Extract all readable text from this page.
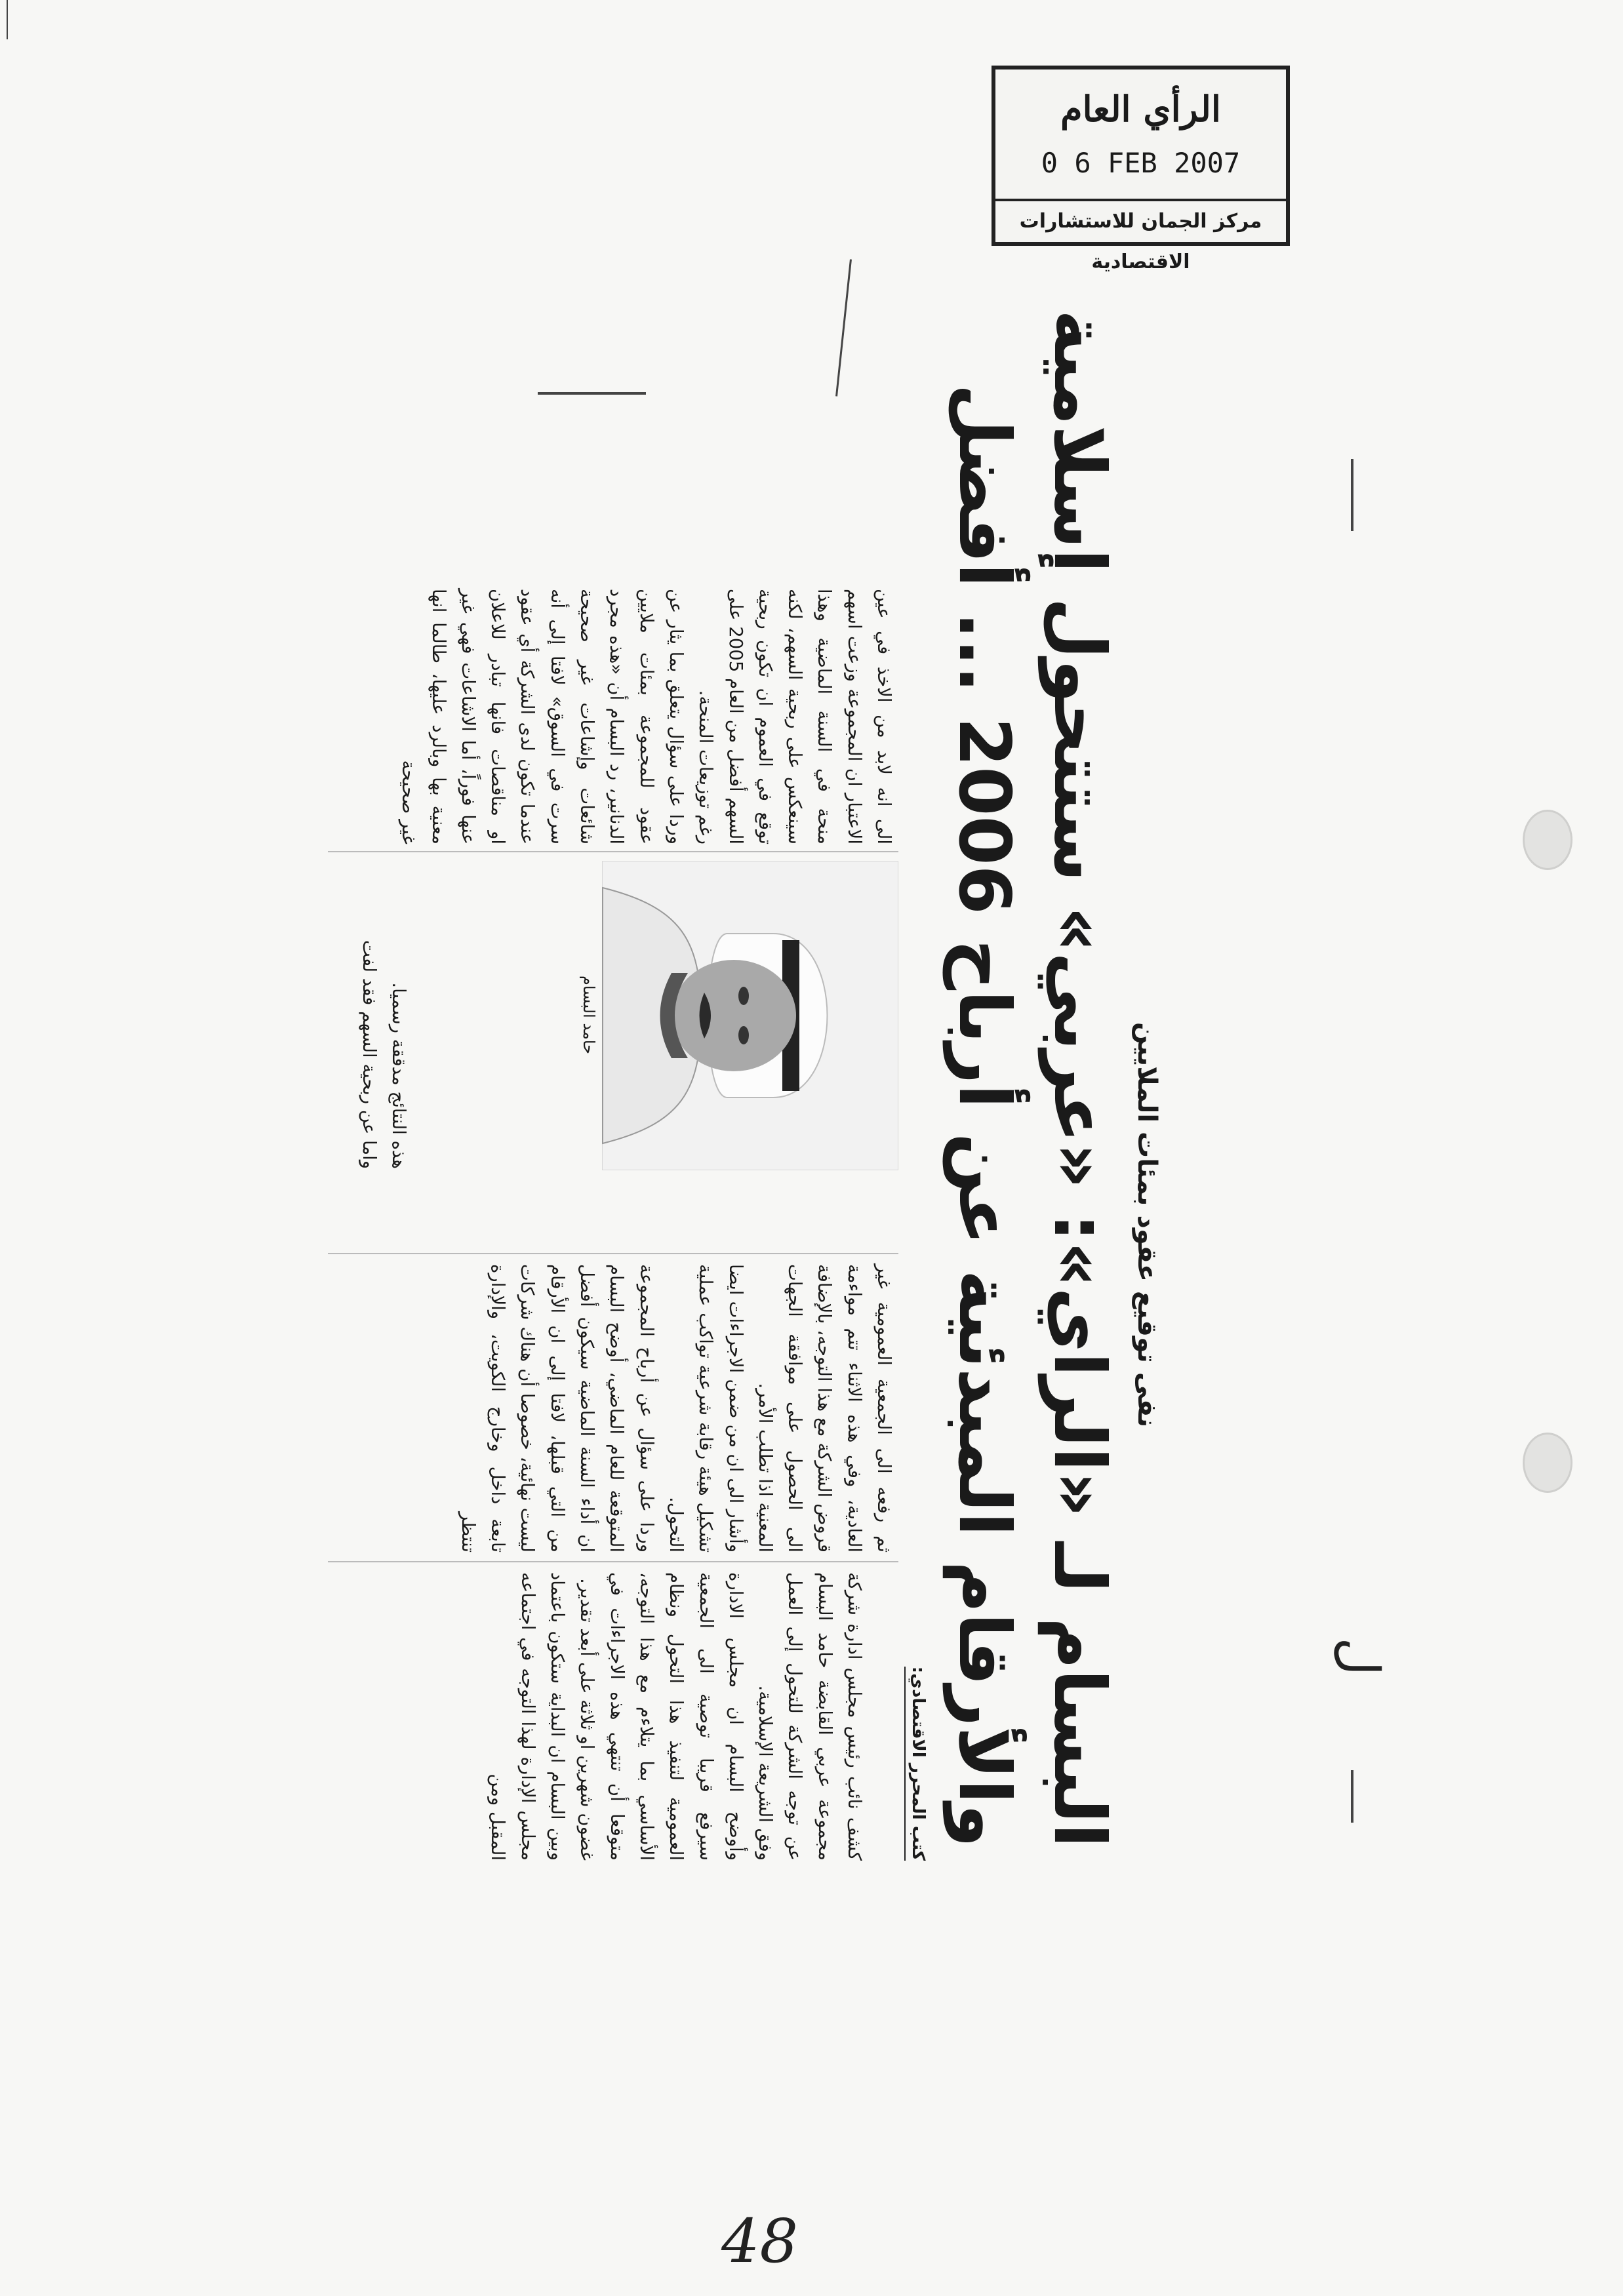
الرأي العام
0 6 FEB 2007
مركز الجمان للاستشارات الاقتصادية
نفى توقيع عقود بمئات الملايين
البسام لـ «الراي»: «عربي» ستتحول إسلامية
والأرقام المبدئية عن أرباح 2006 ... أفضل
كتب المحرر الاقتصادي:

كشف نائب رئيس مجلس ادارة شركة مجموعة عربي القابضة حامد البسام عن توجه الشركة للتحول إلى العمل وفق الشريعة الإسلامية.

وأوضح البسام ان مجلس الادارة سيرفع قريبا توصية الى الجمعية العمومية لتنفيذ هذا التحول ونظام الأساسي بما يتلاءم مع هذا التوجه، متوقعا أن تنتهي هذه الاجراءات في غضون شهرين او ثلاثة على أبعد تقدير.

وبين البسام ان البداية ستكون باعتماد مجلس الإدارة لهذا التوجه في اجتماعه المقبل ومن

ثم رفعه الى الجمعية العمومية غير العادية، وفي هذه الاثناء تتم مواءمة قروض الشركة مع هذا التوجه، بالإضافة الى الحصول على موافقة الجهات المعنية اذا تطلب الأمر.

وأشار الى ان من ضمن الاجراءات ايضا تشكيل هيئة رقابة شرعية تواكب عملية التحول.

وردا على سؤال عن أرباح المجموعة المتوقعة للعام الماضي، أوضح البسام ان أداء السنة الماضية سيكون أفضل من التي قبلها، لافتا إلى ان الأرقام ليست نهائية، خصوصا أن هناك شركات تابعة داخل وخارج الكويت، والإدارة تنتظر

حامد البسام

هذه النتائج مدققة رسميا.

واما عن ربحية السهم فقد لفت

الى انه لابد من الاخذ في عين الاعتبار ان المجموعة وزعت اسهم منحة في السنة الماضية وهذا سينعكس على ربحية السهم، لكنه توقع في العموم ان تكون ربحية السهم أفضل من العام 2005 على رغم توزيعات المنحة.

وردا على سؤال يتعلق بما يثار عن عقود للمجموعة بمئات ملايين الدنانير، رد البسام أن «هذه مجرد شائعات وإشاعات غير صحيحة سرت في السوق» لافتا إلى أنه عندما تكون لدى الشركة أي عقود او مناقصات فانها تبادر للاعلان عنها فوراً، أما الاشاعات فهي غير معنية بها وبالرد عليها، طالما انها غير صحيحة

ل
48
